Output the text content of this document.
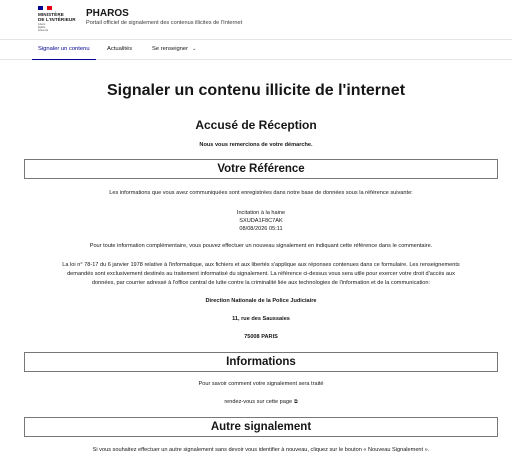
MINISTÈRE
DE L'INTÉRIEUR
Liberté
Égalité
Fraternité
PHAROS
Portail officiel de signalement des contenus illicites de l'Internet
Signaler un contenu	Actualités	Se renseigner ⌄
Signaler un contenu illicite de l'internet
Accusé de Réception
Nous vous remercions de votre démarche.
Votre Référence
Les informations que vous avez communiquées sont enregistrées dans notre base de données sous la référence suivante:
Incitation à la haine
SXUDA1F8C7AK
08/08/2026 05:11
Pour toute information complémentaire, vous pouvez effectuer un nouveau signalement en indiquant cette référence dans le commentaire.
La loi n° 78-17 du 6 janvier 1978 relative à l'informatique, aux fichiers et aux libertés s'applique aux réponses contenues dans ce formulaire. Les renseignements
demandés sont exclusivement destinés au traitement informatisé du signalement. La référence ci-dessus vous sera utile pour exercer votre droit d'accès aux
données, par courrier adressé à l'office central de lutte contre la criminalité liée aux technologies de l'information et de la communication:
Direction Nationale de la Police Judiciaire
11, rue des Saussaies
75008 PARIS
Informations
Pour savoir comment votre signalement sera traité
rendez-vous sur cette page ⧉
Autre signalement
Si vous souhaitez effectuer un autre signalement sans devoir vous identifier à nouveau, cliquez sur le bouton « Nouveau Signalement ».
